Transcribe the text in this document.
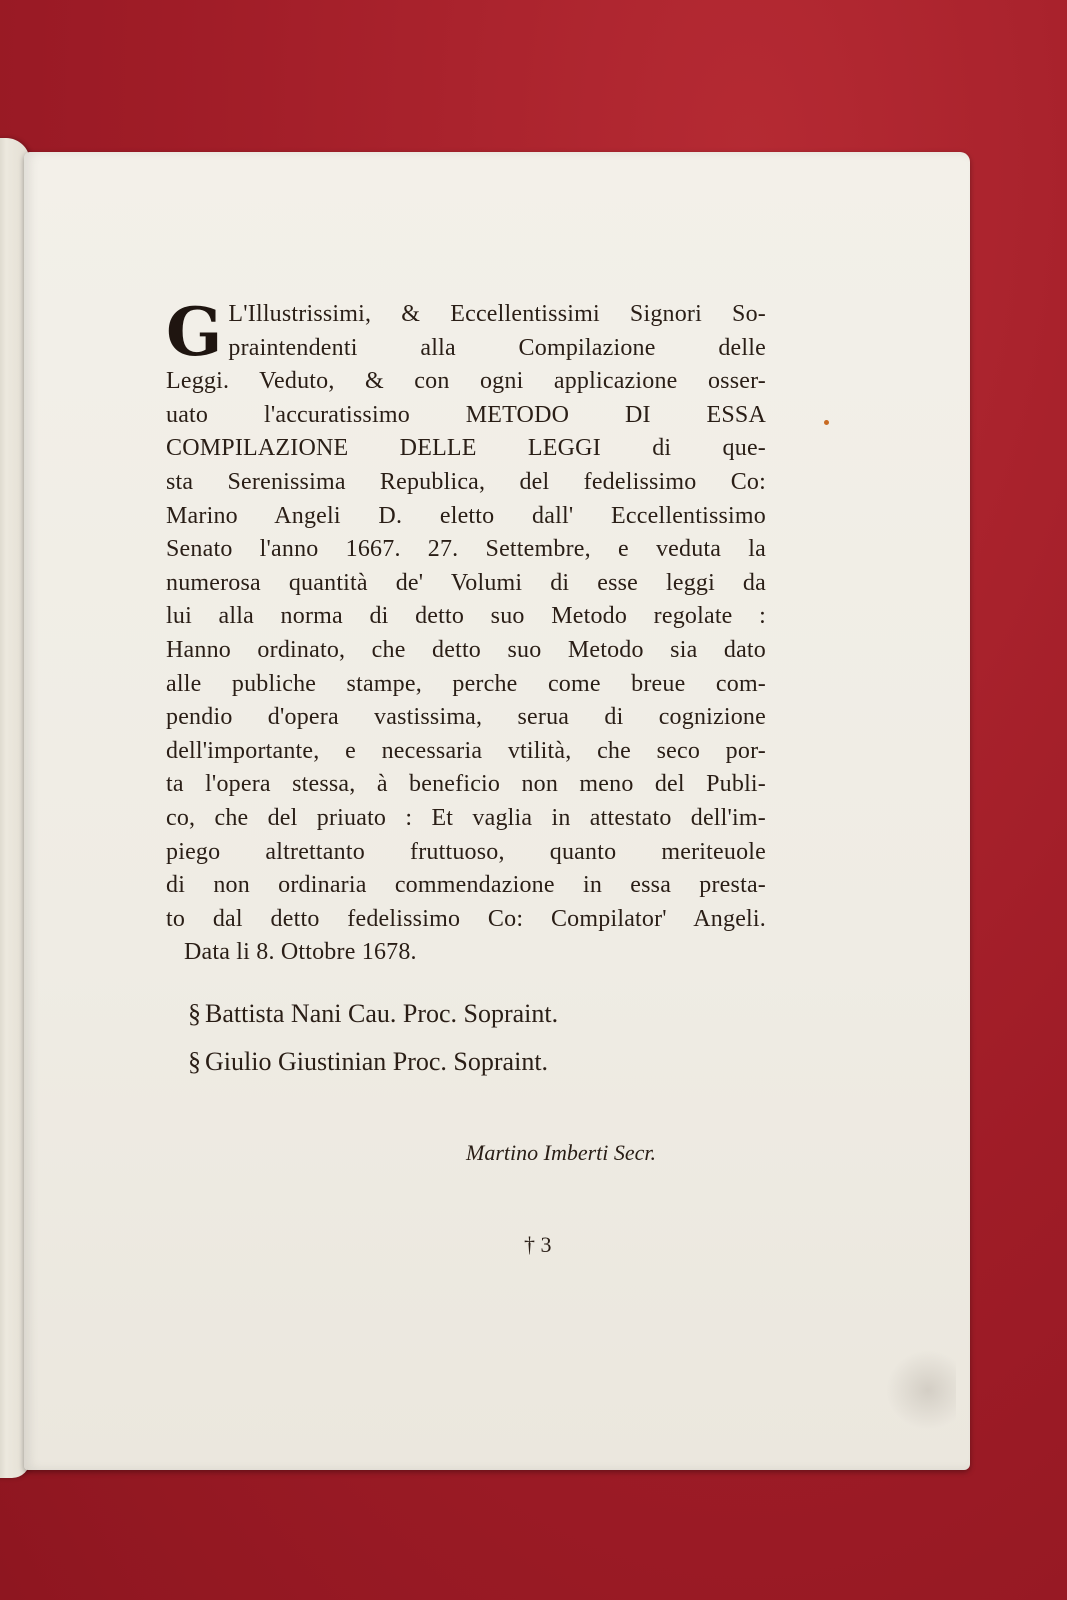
G L'Illustrissimi, & Eccellentissimi Signori So-
praintendenti alla Compilazione delle
Leggi. Veduto, & con ogni applicazione osser-
uato l'accuratissimo METODO DI ESSA
COMPILAZIONE DELLE LEGGI di que-
sta Serenissima Republica, del fedelissimo Co:
Marino Angeli D. eletto dall' Eccellentissimo
Senato l'anno 1667. 27. Settembre, e veduta la
numerosa quantità de' Volumi di esse leggi da
lui alla norma di detto suo Metodo regolate :
Hanno ordinato, che detto suo Metodo sia dato
alle publiche stampe, perche come breue com-
pendio d'opera vastissima, serua di cognizione
dell'importante, e necessaria vtilità, che seco por-
ta l'opera stessa, à beneficio non meno del Publi-
co, che del priuato : Et vaglia in attestato dell'im-
piego altrettanto fruttuoso, quanto meriteuole
di non ordinaria commendazione in essa presta-
to dal detto fedelissimo Co: Compilator' Angeli.
Data li 8. Ottobre 1678.
§ Battista Nani Cau. Proc. Sopraint.
§ Giulio Giustinian Proc. Sopraint.
Martino Imberti Secr.
† 3
